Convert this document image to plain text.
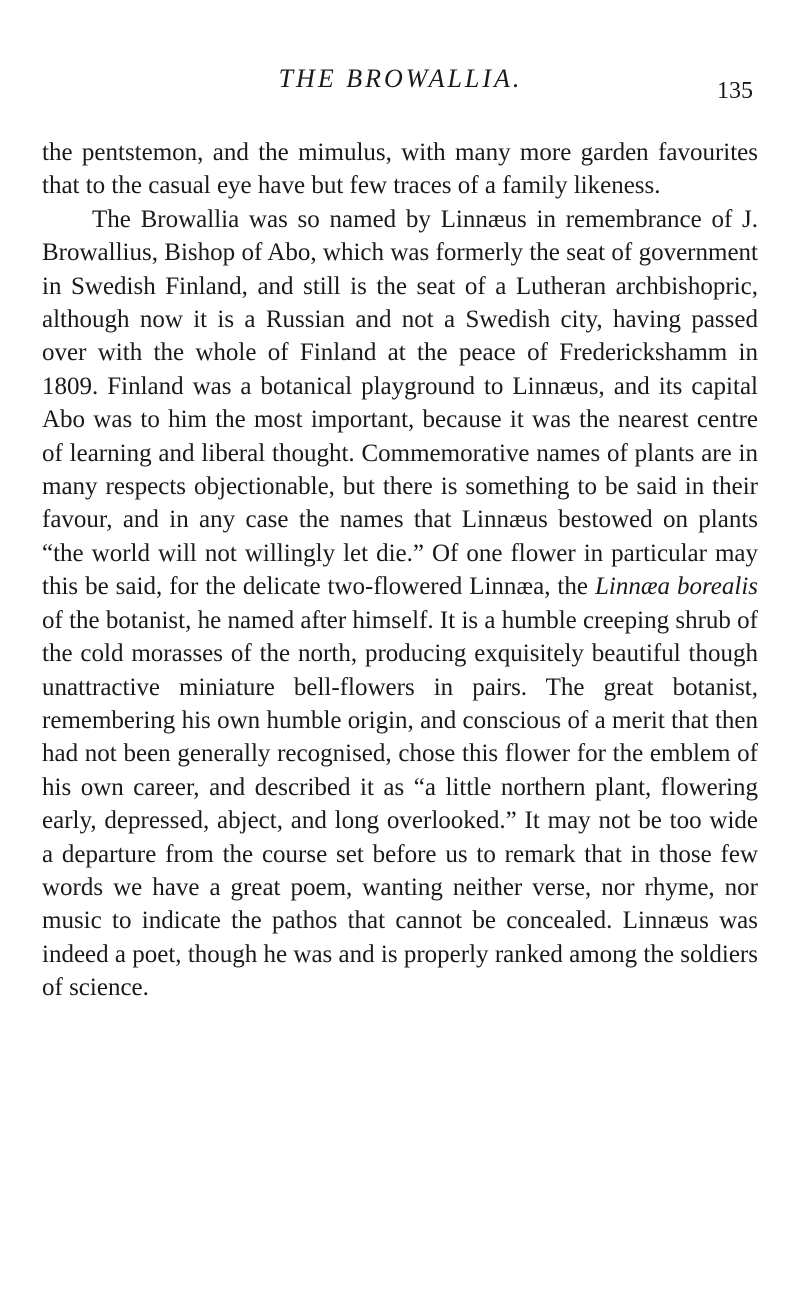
THE BROWALLIA.	135

the pentstemon, and the mimulus, with many more garden favourites that to the casual eye have but few traces of a family likeness.

The Browallia was so named by Linnæus in remembrance of J. Browallius, Bishop of Abo, which was formerly the seat of government in Swedish Finland, and still is the seat of a Lutheran archbishopric, although now it is a Russian and not a Swedish city, having passed over with the whole of Finland at the peace of Frederickshamm in 1809. Finland was a botanical playground to Linnæus, and its capital Abo was to him the most important, because it was the nearest centre of learning and liberal thought. Commemorative names of plants are in many respects objectionable, but there is something to be said in their favour, and in any case the names that Linnæus bestowed on plants “the world will not willingly let die.” Of one flower in particular may this be said, for the delicate two-flowered Linnæa, the Linnæa borealis of the botanist, he named after himself. It is a humble creeping shrub of the cold morasses of the north, producing exquisitely beautiful though unattractive miniature bell-flowers in pairs. The great botanist, remembering his own humble origin, and conscious of a merit that then had not been generally recognised, chose this flower for the emblem of his own career, and described it as “a little northern plant, flowering early, depressed, abject, and long overlooked.” It may not be too wide a departure from the course set before us to remark that in those few words we have a great poem, wanting neither verse, nor rhyme, nor music to indicate the pathos that cannot be concealed. Linnæus was indeed a poet, though he was and is properly ranked among the soldiers of science.
